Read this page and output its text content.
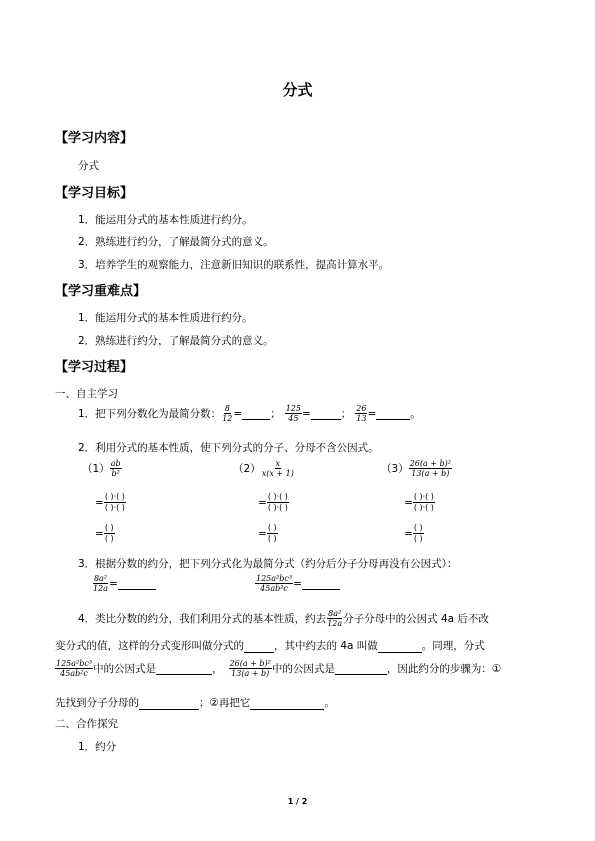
分式
【学习内容】
分式
【学习目标】
1．能运用分式的基本性质进行约分。
2．熟练进行约分，了解最简分式的意义。
3．培养学生的观察能力，注意新旧知识的联系性，提高计算水平。
【学习重难点】
1．能运用分式的基本性质进行约分。
2．熟练进行约分，了解最简分式的意义。
【学习过程】
一、自主学习
1．把下列分数化为最简分数： $\frac{8}{12}$ =	； $\frac{125}{45}$ =	； $\frac{26}{13}$ =	。
2．利用分式的基本性质，使下列分式的分子、分母不含公因式。
$(1) \frac{ab}{\text{b²}}$	$(2) \frac{x}{x(x + 1)}$	$(3) \frac{\text{26(a + b)²}}{13(a + b)}$
= $\frac{( )\cdot( )}{( )\cdot( )}$	= $\frac{( )\cdot( )}{( )\cdot( )}$	= $\frac{( )\cdot( )}{( )\cdot( )}$
= $\frac{( )}{( )}$	= $\frac{( )}{( )}$	= $\frac{( )}{( )}$
3．根据分数的约分，把下列分式化为最简分式（约分后分子分母再没有公因式）：
$\frac{\text{8a²}}{12a}$ =	$\frac{\text{125a²bc³}}{\text{45ab²c}}$ =
4．类比分数的约分，我们利用分式的基本性质，约去 $\frac{\text{8a²}}{12a}$ 分子分母中的公因式 4a 后不改
变分式的值，这样的分式变形叫做分式的	，其中约去的 4a 叫做	。同理，分式
$\frac{\text{125a²bc³}}{\text{45ab²c}}$ 中的公因式是	， $\frac{\text{26(a + b)²}}{13(a + b)}$ 中的公因式是	，因此约分的步骤为：①
先找到分子分母的	；②再把它	。
二、合作探究
1．约分
1 / 2
